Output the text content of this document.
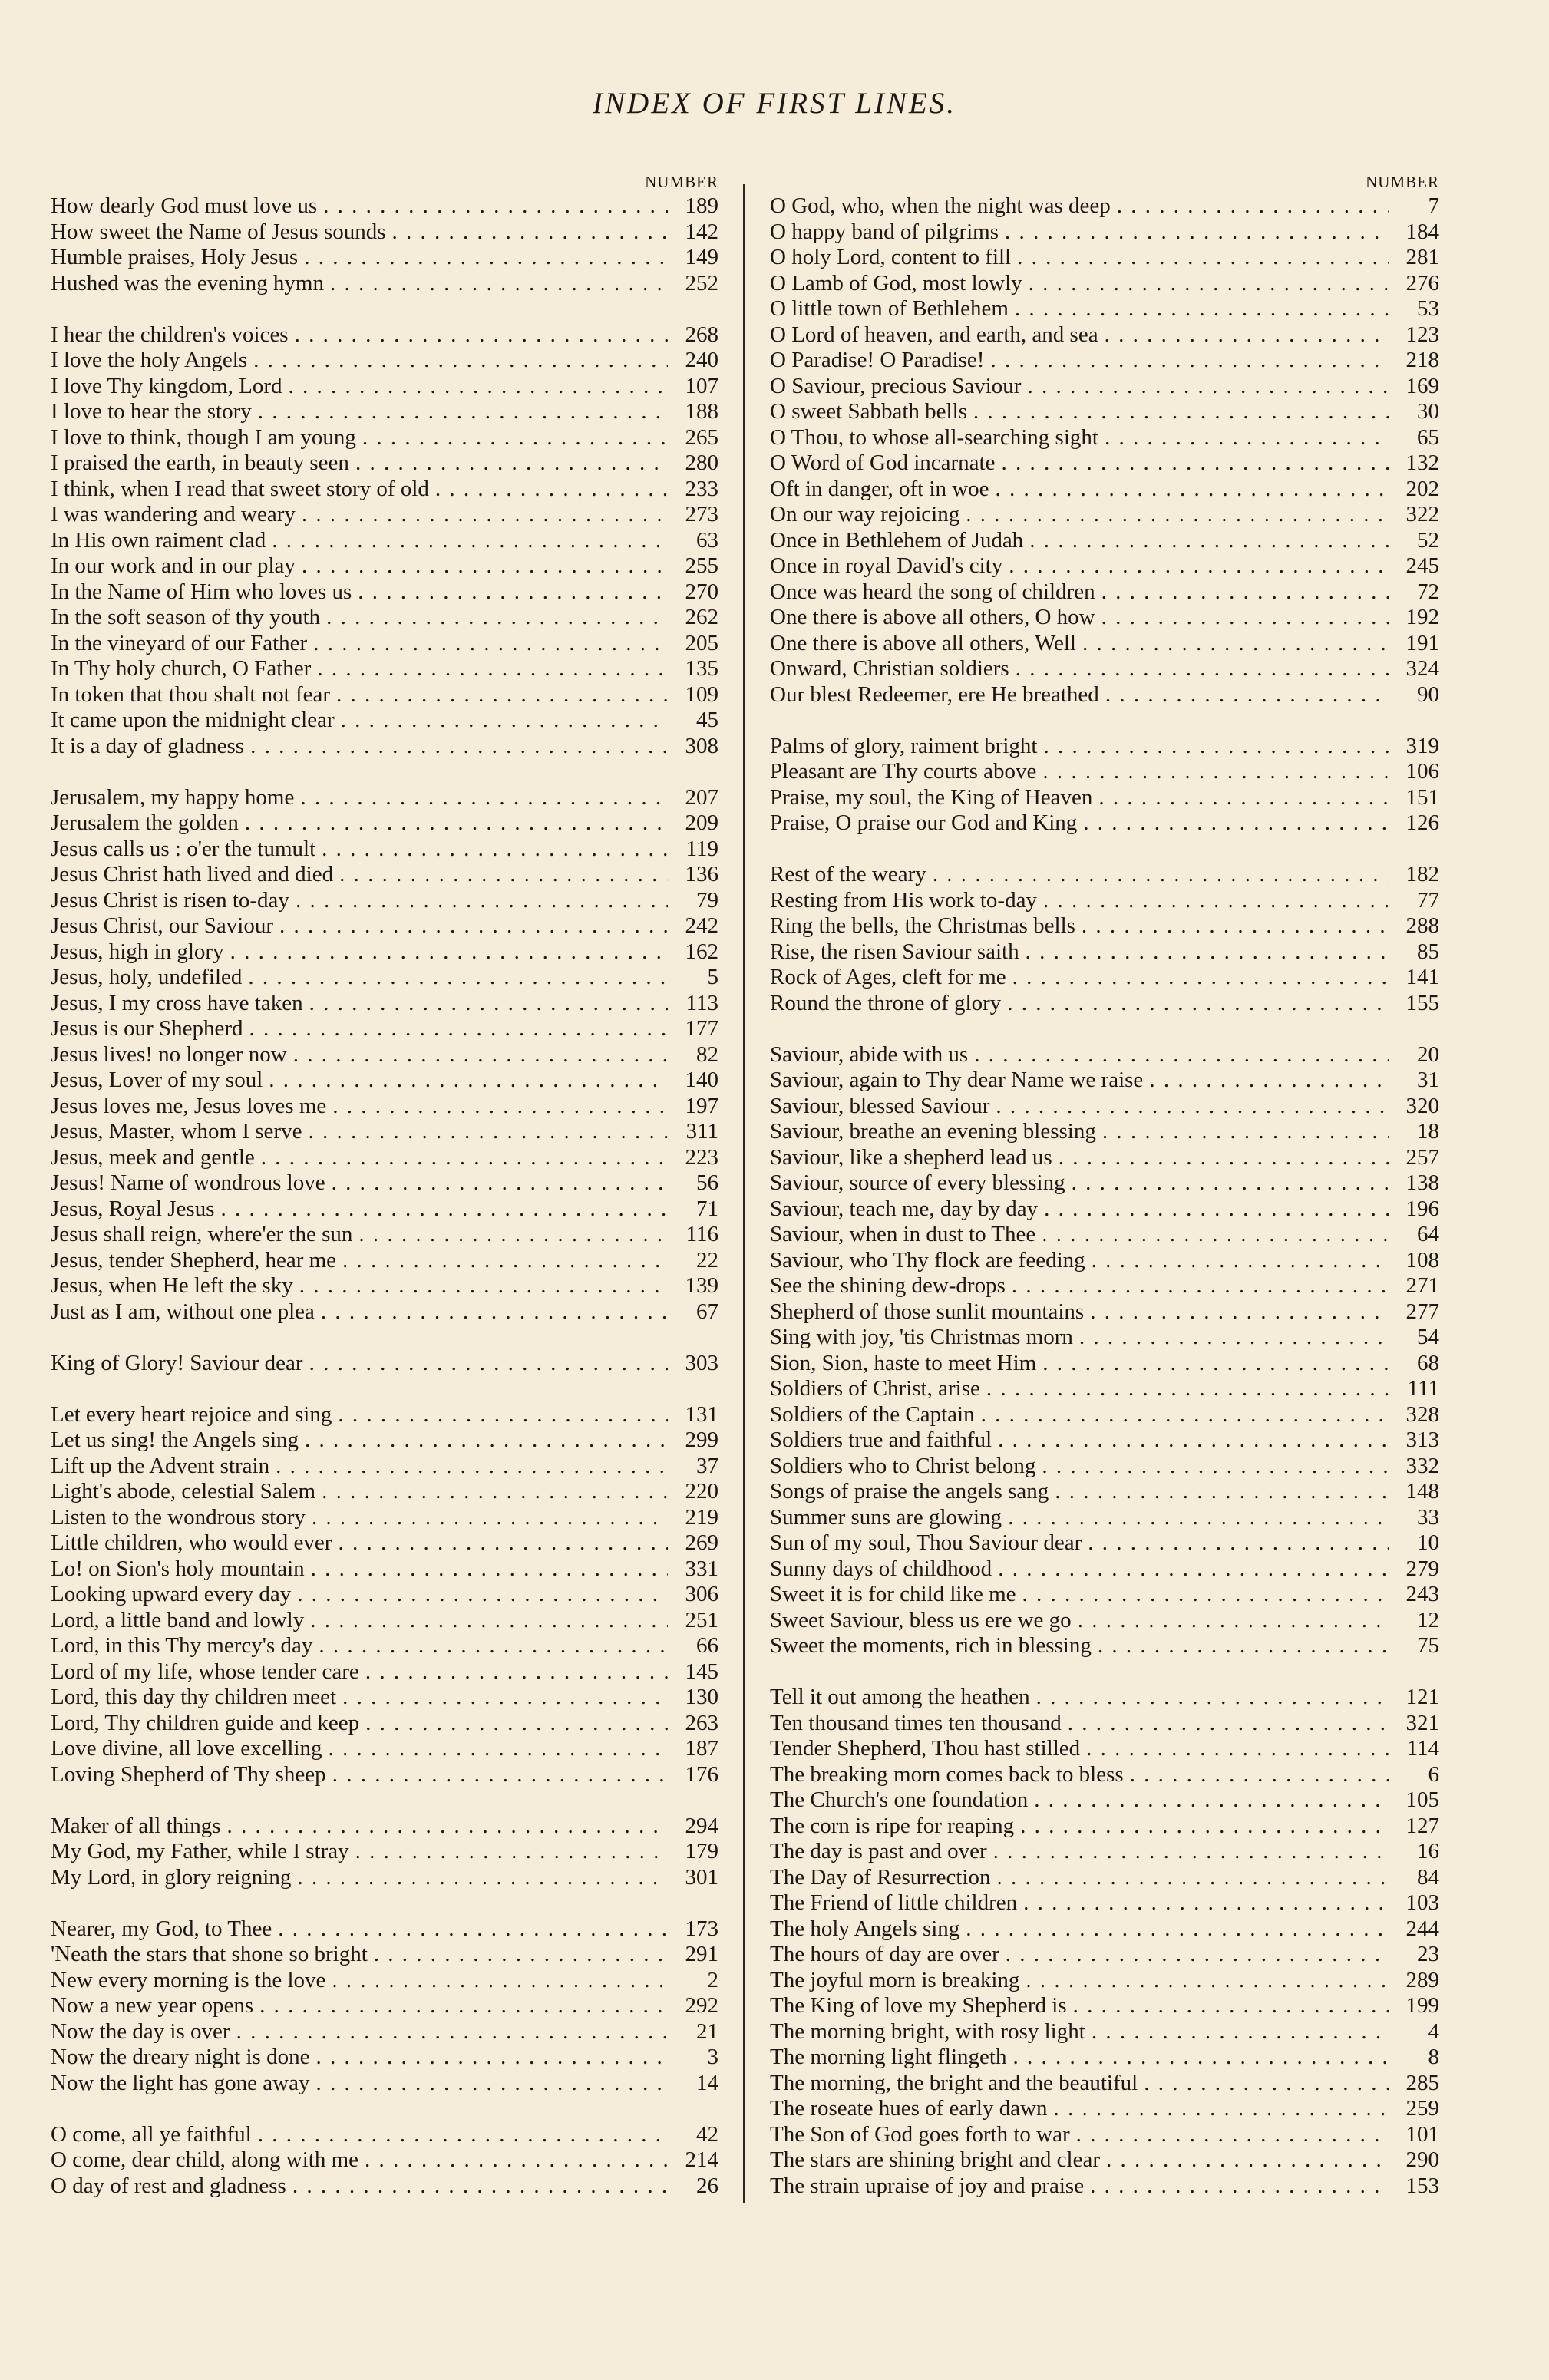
INDEX OF FIRST LINES.
NUMBER
How dearly God must love us . . .	189
How sweet the Name of Jesus sounds . . .	142
Humble praises, Holy Jesus . . .	149
Hushed was the evening hymn . . .	252
I hear the children's voices . . .	268
I love the holy Angels . . .	240
I love Thy kingdom, Lord . . .	107
I love to hear the story . . .	188
I love to think, though I am young . . .	265
I praised the earth, in beauty seen . . .	280
I think, when I read that sweet story of old . . .	233
I was wandering and weary . . .	273
In His own raiment clad . . .	63
In our work and in our play . . .	255
In the Name of Him who loves us . . .	270
In the soft season of thy youth . . .	262
In the vineyard of our Father . . .	205
In Thy holy church, O Father . . .	135
In token that thou shalt not fear . . .	109
It came upon the midnight clear . . .	45
It is a day of gladness . . .	308
Jerusalem, my happy home . . .	207
Jerusalem the golden . . .	209
Jesus calls us : o'er the tumult . . .	119
Jesus Christ hath lived and died . . .	136
Jesus Christ is risen to-day . . .	79
Jesus Christ, our Saviour . . .	242
Jesus, high in glory . . .	162
Jesus, holy, undefiled . . .	5
Jesus, I my cross have taken . . .	113
Jesus is our Shepherd . . .	177
Jesus lives! no longer now . . .	82
Jesus, Lover of my soul . . .	140
Jesus loves me, Jesus loves me . . .	197
Jesus, Master, whom I serve . . .	311
Jesus, meek and gentle . . .	223
Jesus! Name of wondrous love . . .	56
Jesus, Royal Jesus . . .	71
Jesus shall reign, where'er the sun . . .	116
Jesus, tender Shepherd, hear me . . .	22
Jesus, when He left the sky . . .	139
Just as I am, without one plea . . .	67
King of Glory! Saviour dear . . .	303
Let every heart rejoice and sing . . .	131
Let us sing! the Angels sing . . .	299
Lift up the Advent strain . . .	37
Light's abode, celestial Salem . . .	220
Listen to the wondrous story . . .	219
Little children, who would ever . . .	269
Lo! on Sion's holy mountain . . .	331
Looking upward every day . . .	306
Lord, a little band and lowly . . .	251
Lord, in this Thy mercy's day . . .	66
Lord of my life, whose tender care . . .	145
Lord, this day thy children meet . . .	130
Lord, Thy children guide and keep . . .	263
Love divine, all love excelling . . .	187
Loving Shepherd of Thy sheep . . .	176
Maker of all things . . .	294
My God, my Father, while I stray . . .	179
My Lord, in glory reigning . . .	301
Nearer, my God, to Thee . . .	173
'Neath the stars that shone so bright . . .	291
New every morning is the love . . .	2
Now a new year opens . . .	292
Now the day is over . . .	21
Now the dreary night is done . . .	3
Now the light has gone away . . .	14
O come, all ye faithful . . .	42
O come, dear child, along with me . . .	214
O day of rest and gladness . . .	26
NUMBER
O God, who, when the night was deep . . .	7
O happy band of pilgrims . . .	184
O holy Lord, content to fill . . .	281
O Lamb of God, most lowly . . .	276
O little town of Bethlehem . . .	53
O Lord of heaven, and earth, and sea . . .	123
O Paradise! O Paradise! . . .	218
O Saviour, precious Saviour . . .	169
O sweet Sabbath bells . . .	30
O Thou, to whose all-searching sight . . .	65
O Word of God incarnate . . .	132
Oft in danger, oft in woe . . .	202
On our way rejoicing . . .	322
Once in Bethlehem of Judah . . .	52
Once in royal David's city . . .	245
Once was heard the song of children . . .	72
One there is above all others, O how . . .	192
One there is above all others, Well . . .	191
Onward, Christian soldiers . . .	324
Our blest Redeemer, ere He breathed . . .	90
Palms of glory, raiment bright . . .	319
Pleasant are Thy courts above . . .	106
Praise, my soul, the King of Heaven . . .	151
Praise, O praise our God and King . . .	126
Rest of the weary . . .	182
Resting from His work to-day . . .	77
Ring the bells, the Christmas bells . . .	288
Rise, the risen Saviour saith . . .	85
Rock of Ages, cleft for me . . .	141
Round the throne of glory . . .	155
Saviour, abide with us . . .	20
Saviour, again to Thy dear Name we raise . . .	31
Saviour, blessed Saviour . . .	320
Saviour, breathe an evening blessing . . .	18
Saviour, like a shepherd lead us . . .	257
Saviour, source of every blessing . . .	138
Saviour, teach me, day by day . . .	196
Saviour, when in dust to Thee . . .	64
Saviour, who Thy flock are feeding . . .	108
See the shining dew-drops . . .	271
Shepherd of those sunlit mountains . . .	277
Sing with joy, 'tis Christmas morn . . .	54
Sion, Sion, haste to meet Him . . .	68
Soldiers of Christ, arise . . .	111
Soldiers of the Captain . . .	328
Soldiers true and faithful . . .	313
Soldiers who to Christ belong . . .	332
Songs of praise the angels sang . . .	148
Summer suns are glowing . . .	33
Sun of my soul, Thou Saviour dear . . .	10
Sunny days of childhood . . .	279
Sweet it is for child like me . . .	243
Sweet Saviour, bless us ere we go . . .	12
Sweet the moments, rich in blessing . . .	75
Tell it out among the heathen . . .	121
Ten thousand times ten thousand . . .	321
Tender Shepherd, Thou hast stilled . . .	114
The breaking morn comes back to bless . . .	6
The Church's one foundation . . .	105
The corn is ripe for reaping . . .	127
The day is past and over . . .	16
The Day of Resurrection . . .	84
The Friend of little children . . .	103
The holy Angels sing . . .	244
The hours of day are over . . .	23
The joyful morn is breaking . . .	289
The King of love my Shepherd is . . .	199
The morning bright, with rosy light . . .	4
The morning light flingeth . . .	8
The morning, the bright and the beautiful . . .	285
The roseate hues of early dawn . . .	259
The Son of God goes forth to war . . .	101
The stars are shining bright and clear . . .	290
The strain upraise of joy and praise . . .	153
